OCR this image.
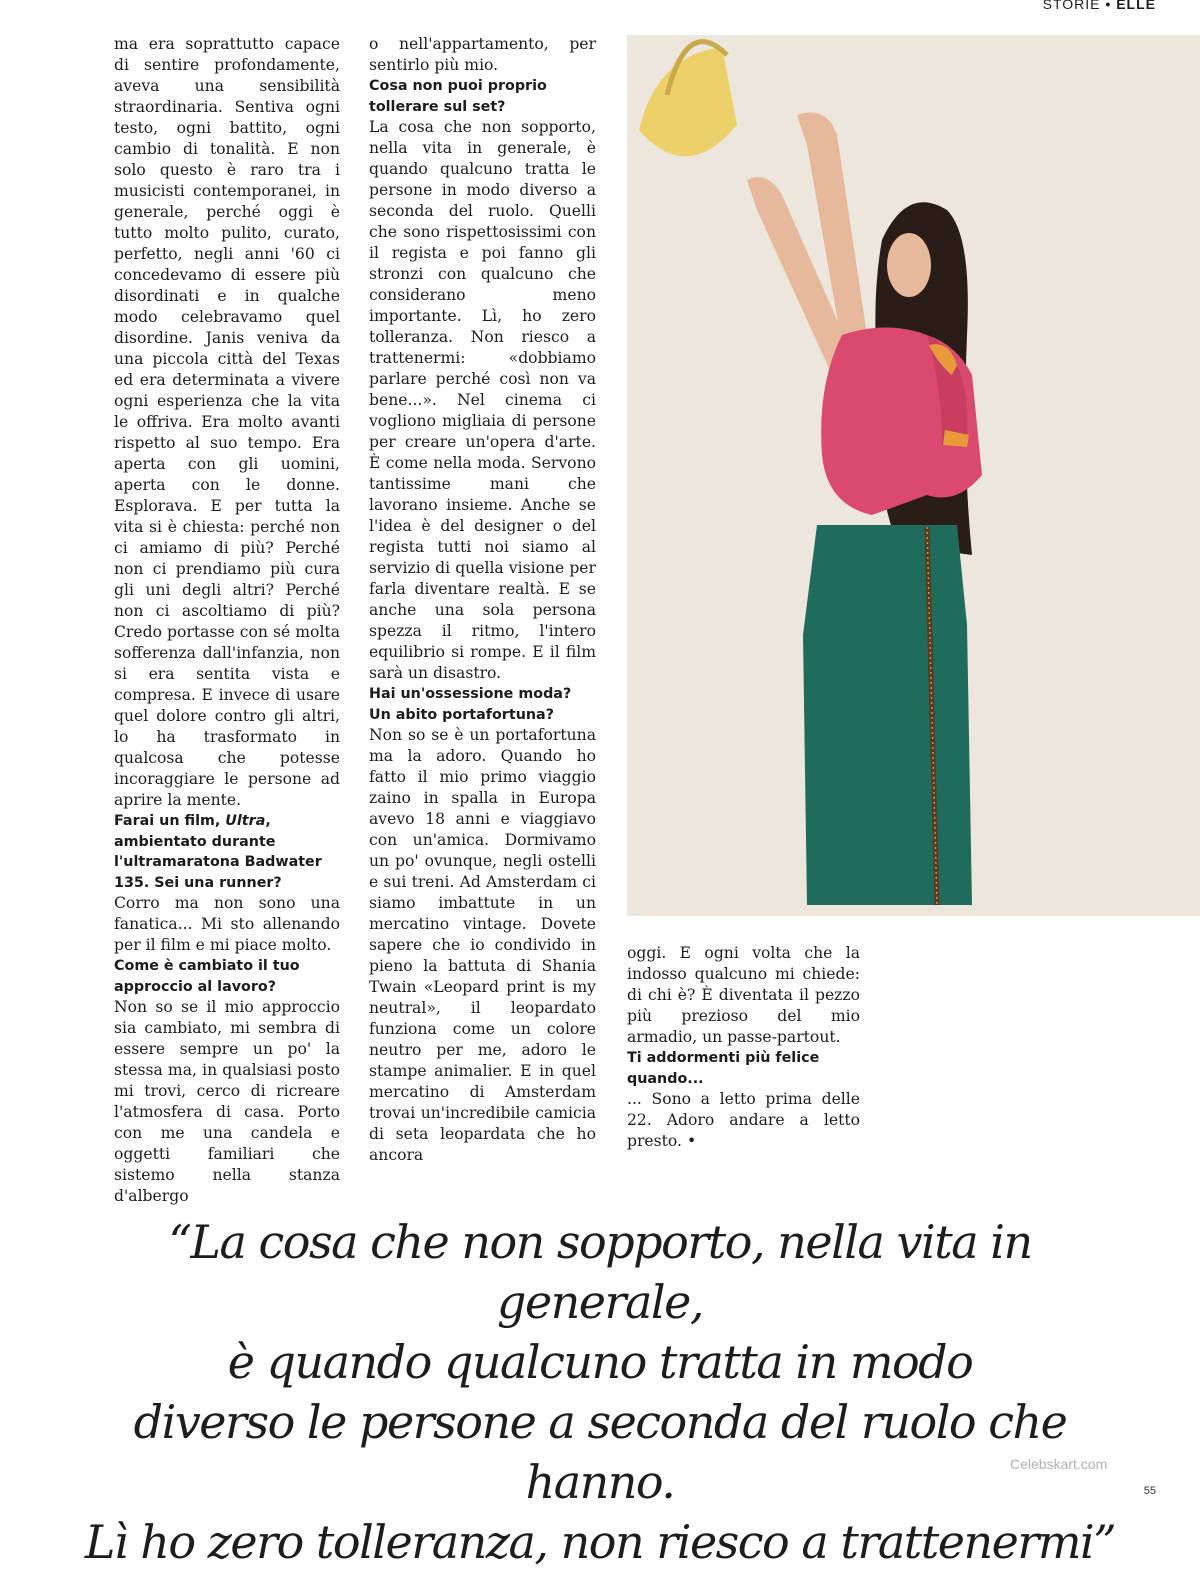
STORIE • ELLE

ma era soprattutto capace di sentire profondamente, aveva una sensibilità straordinaria. Sentiva ogni testo, ogni battito, ogni cambio di tonalità. E non solo questo è raro tra i musicisti contemporanei, in generale, perché oggi è tutto molto pulito, curato, perfetto, negli anni '60 ci concedevamo di essere più disordinati e in qualche modo celebravamo quel disordine. Janis veniva da una piccola città del Texas ed era determinata a vivere ogni esperienza che la vita le offriva. Era molto avanti rispetto al suo tempo. Era aperta con gli uomini, aperta con le donne. Esplorava. E per tutta la vita si è chiesta: perché non ci amiamo di più? Perché non ci prendiamo più cura gli uni degli altri? Perché non ci ascoltiamo di più? Credo portasse con sé molta sofferenza dall'infanzia, non si era sentita vista e compresa. E invece di usare quel dolore contro gli altri, lo ha trasformato in qualcosa che potesse incoraggiare le persone ad aprire la mente.

Farai un film, Ultra, ambientato durante l'ultramaratona Badwater 135. Sei una runner?

Corro ma non sono una fanatica... Mi sto allenando per il film e mi piace molto.

Come è cambiato il tuo approccio al lavoro?

Non so se il mio approccio sia cambiato, mi sembra di essere sempre un po' la stessa ma, in qualsiasi posto mi trovi, cerco di ricreare l'atmosfera di casa. Porto con me una candela e oggetti familiari che sistemo nella stanza d'albergo

o nell'appartamento, per sentirlo più mio.

Cosa non puoi proprio tollerare sul set?

La cosa che non sopporto, nella vita in generale, è quando qualcuno tratta le persone in modo diverso a seconda del ruolo. Quelli che sono rispettosissimi con il regista e poi fanno gli stronzi con qualcuno che considerano meno importante. Lì, ho zero tolleranza. Non riesco a trattenermi: «dobbiamo parlare perché così non va bene...». Nel cinema ci vogliono migliaia di persone per creare un'opera d'arte. È come nella moda. Servono tantissime mani che lavorano insieme. Anche se l'idea è del designer o del regista tutti noi siamo al servizio di quella visione per farla diventare realtà. E se anche una sola persona spezza il ritmo, l'intero equilibrio si rompe. E il film sarà un disastro.

Hai un'ossessione moda? Un abito portafortuna?

Non so se è un portafortuna ma la adoro. Quando ho fatto il mio primo viaggio zaino in spalla in Europa avevo 18 anni e viaggiavo con un'amica. Dormivamo un po' ovunque, negli ostelli e sui treni. Ad Amsterdam ci siamo imbattute in un mercatino vintage. Dovete sapere che io condivido in pieno la battuta di Shania Twain «Leopard print is my neutral», il leopardato funziona come un colore neutro per me, adoro le stampe animalier. E in quel mercatino di Amsterdam trovai un'incredibile camicia di seta leopardata che ho ancora

oggi. E ogni volta che la indosso qualcuno mi chiede: di chi è? È diventata il pezzo più prezioso del mio armadio, un passe-partout.

Ti addormenti più felice quando...

... Sono a letto prima delle 22. Adoro andare a letto presto. •

“La cosa che non sopporto, nella vita in generale,
è quando qualcuno tratta in modo
diverso le persone a seconda del ruolo che hanno.
Lì ho zero tolleranza, non riesco a trattenermi”
Celebskart.com
55
